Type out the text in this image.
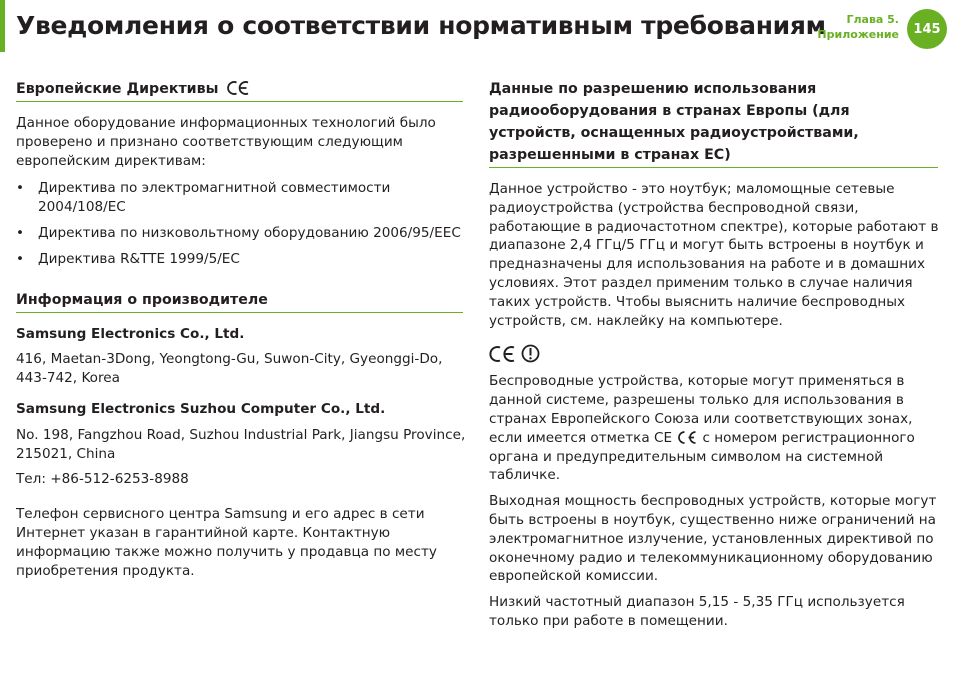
Уведомления о соответствии нормативным требованиям	Глава 5.
Приложение	145
Европейские Директивы

Данное оборудование информационных технологий было проверено и признано соответствующим следующим европейским директивам:

• Директива по электромагнитной совместимости 2004/108/EC
• Директива по низковольтному оборудованию 2006/95/EEC
• Директива R&TTE 1999/5/EC
Информация о производителе
Samsung Electronics Co., Ltd.

416, Maetan-3Dong, Yeongtong-Gu, Suwon-City, Gyeonggi-Do, 443-742, Korea

Samsung Electronics Suzhou Computer Co., Ltd.

No. 198, Fangzhou Road, Suzhou Industrial Park, Jiangsu Province, 215021, China

Тел: +86-512-6253-8988

Телефон сервисного центра Samsung и его адрес в сети Интернет указан в гарантийной карте. Контактную информацию также можно получить у продавца по месту приобретения продукта.

Данные по разрешению использования радиооборудования в странах Европы (для устройств, оснащенных радиоустройствами, разрешенными в странах ЕС)

Данное устройство - это ноутбук; маломощные сетевые радиоустройства (устройства беспроводной связи, работающие в радиочастотном спектре), которые работают в диапазоне 2,4 ГГц/5 ГГц и могут быть встроены в ноутбук и предназначены для использования на работе и в домашних условиях. Этот раздел применим только в случае наличия таких устройств. Чтобы выяснить наличие беспроводных устройств, см. наклейку на компьютере.

Беспроводные устройства, которые могут применяться в данной системе, разрешены только для использования в странах Европейского Союза или соответствующих зонах, если имеется отметка CE с номером регистрационного органа и предупредительным символом на системной табличке.

Выходная мощность беспроводных устройств, которые могут быть встроены в ноутбук, существенно ниже ограничений на электромагнитное излучение, установленных директивой по оконечному радио и телекоммуникационному оборудованию европейской комиссии.

Низкий частотный диапазон 5,15 - 5,35 ГГц используется только при работе в помещении.
